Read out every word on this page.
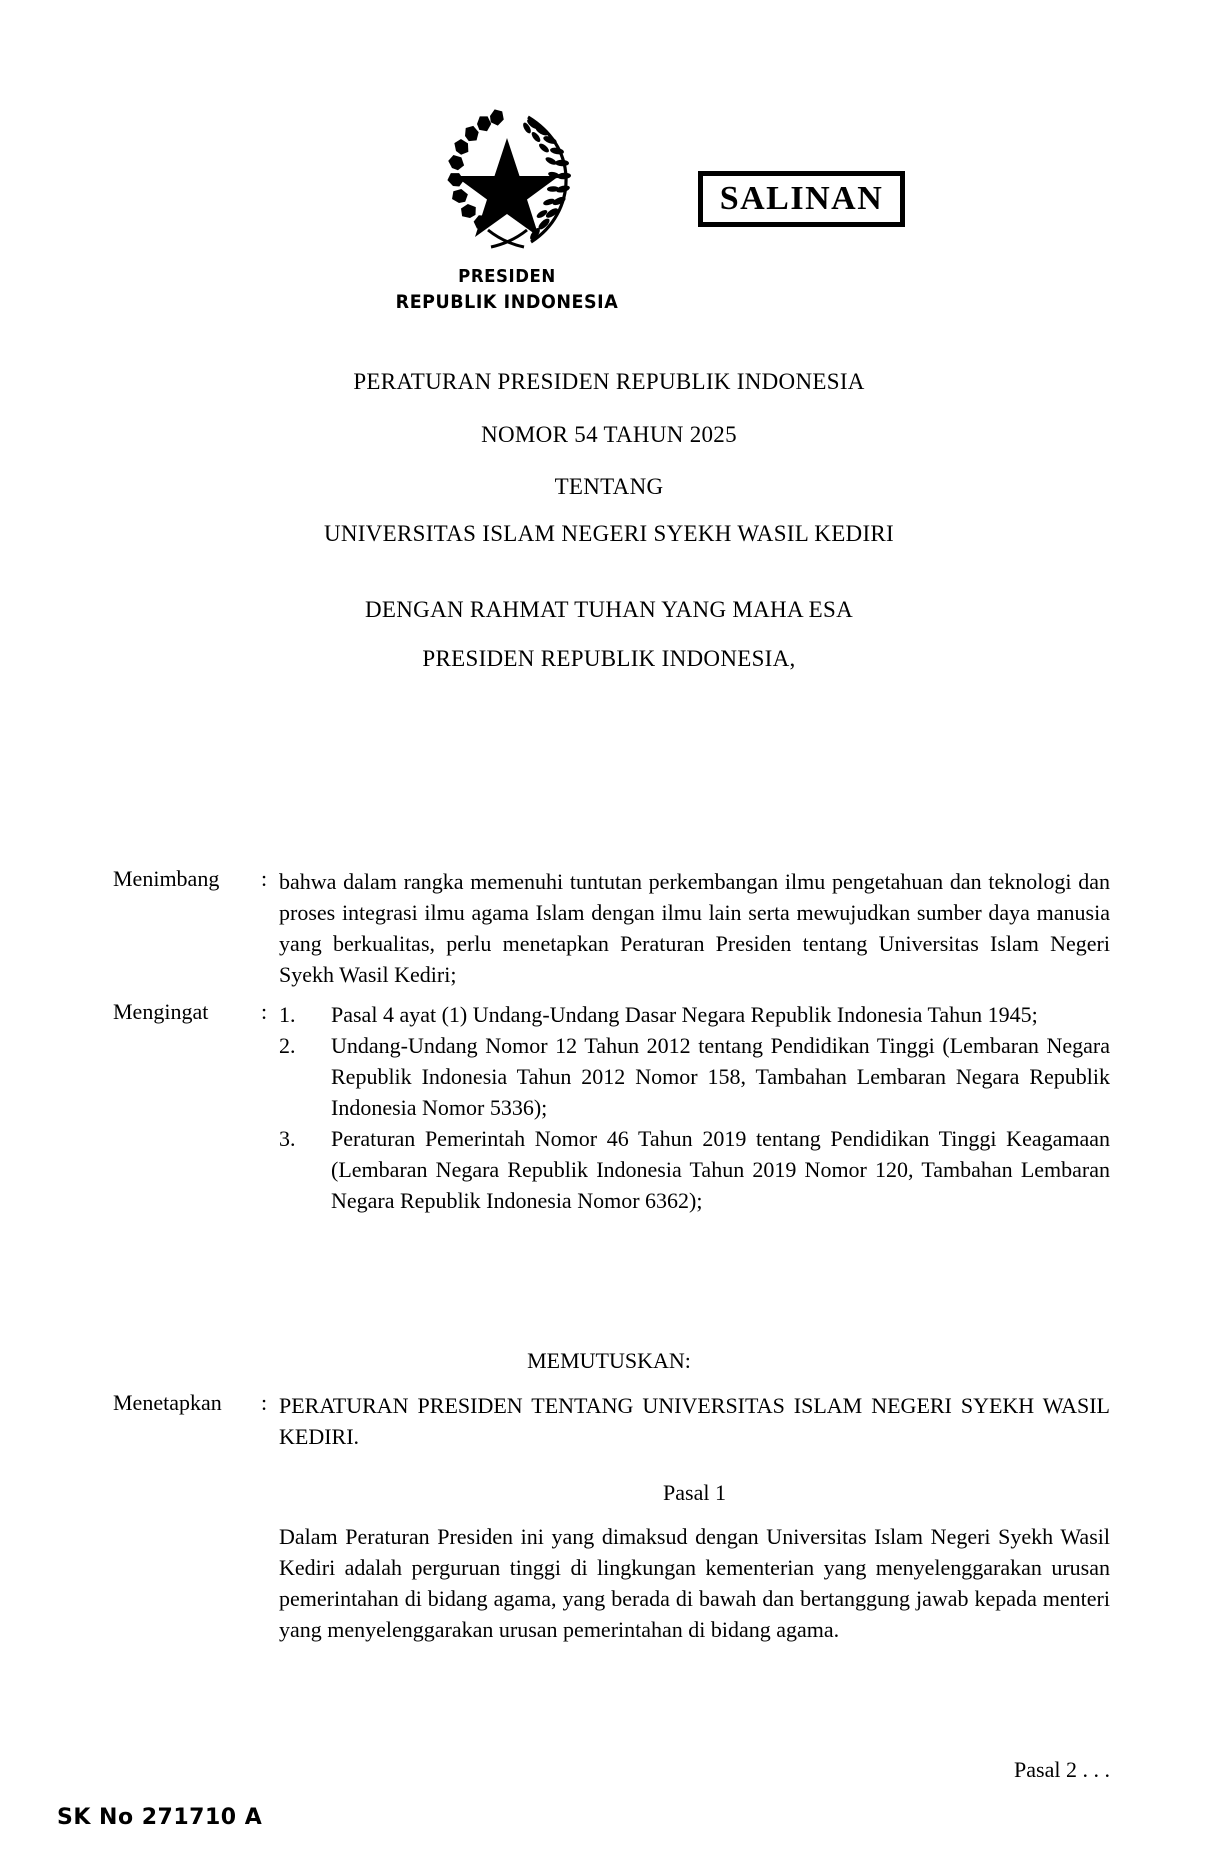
PRESIDEN
REPUBLIK INDONESIA
SALINAN
PERATURAN PRESIDEN REPUBLIK INDONESIA
NOMOR 54 TAHUN 2025
TENTANG
UNIVERSITAS ISLAM NEGERI SYEKH WASIL KEDIRI
DENGAN RAHMAT TUHAN YANG MAHA ESA
PRESIDEN REPUBLIK INDONESIA,
Menimbang	: bahwa dalam rangka memenuhi tuntutan perkembangan ilmu pengetahuan dan teknologi dan proses integrasi ilmu agama Islam dengan ilmu lain serta mewujudkan sumber daya manusia yang berkualitas, perlu menetapkan Peraturan Presiden tentang Universitas Islam Negeri Syekh Wasil Kediri;
Mengingat	: 1.	Pasal 4 ayat (1) Undang-Undang Dasar Negara Republik Indonesia Tahun 1945;
2.	Undang-Undang Nomor 12 Tahun 2012 tentang Pendidikan Tinggi (Lembaran Negara Republik Indonesia Tahun 2012 Nomor 158, Tambahan Lembaran Negara Republik Indonesia Nomor 5336);
3.	Peraturan Pemerintah Nomor 46 Tahun 2019 tentang Pendidikan Tinggi Keagamaan (Lembaran Negara Republik Indonesia Tahun 2019 Nomor 120, Tambahan Lembaran Negara Republik Indonesia Nomor 6362);
MEMUTUSKAN:
Menetapkan	: PERATURAN PRESIDEN TENTANG UNIVERSITAS ISLAM NEGERI SYEKH WASIL KEDIRI.
Pasal 1
Dalam Peraturan Presiden ini yang dimaksud dengan Universitas Islam Negeri Syekh Wasil Kediri adalah perguruan tinggi di lingkungan kementerian yang menyelenggarakan urusan pemerintahan di bidang agama, yang berada di bawah dan bertanggung jawab kepada menteri yang menyelenggarakan urusan pemerintahan di bidang agama.
Pasal 2 . . .
SK No 271710 A
